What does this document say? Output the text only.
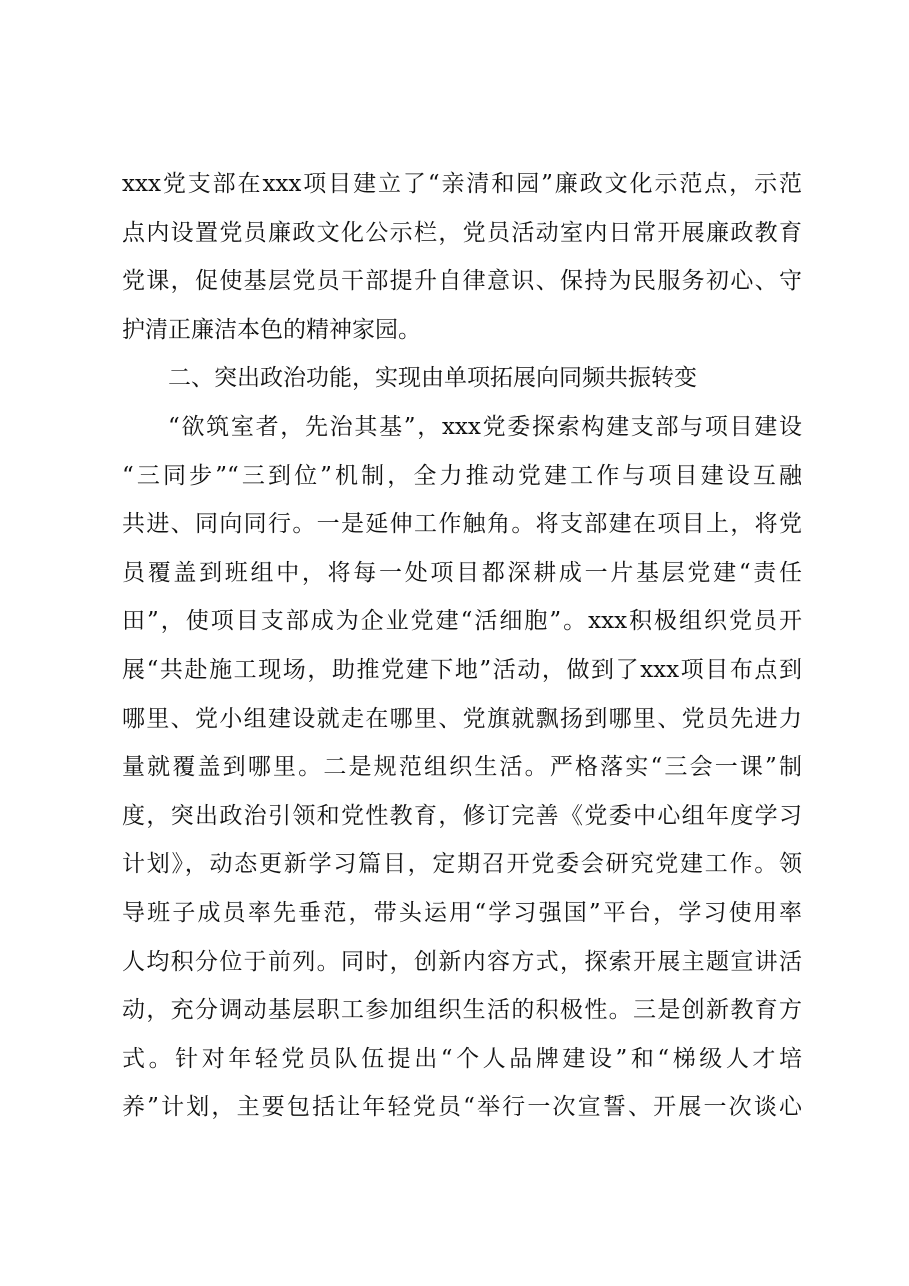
xxx党支部在xxx项目建立了“亲清和园”廉政文化示范点，示范
点内设置党员廉政文化公示栏，党员活动室内日常开展廉政教育
党课，促使基层党员干部提升自律意识、保持为民服务初心、守
护清正廉洁本色的精神家园。
二、突出政治功能，实现由单项拓展向同频共振转变
“欲筑室者，先治其基”，xxx党委探索构建支部与项目建设
“三同步”“三到位”机制，全力推动党建工作与项目建设互融
共进、同向同行。一是延伸工作触角。将支部建在项目上，将党
员覆盖到班组中，将每一处项目都深耕成一片基层党建“责任
田”，使项目支部成为企业党建“活细胞”。xxx积极组织党员开
展“共赴施工现场，助推党建下地”活动，做到了xxx项目布点到
哪里、党小组建设就走在哪里、党旗就飘扬到哪里、党员先进力
量就覆盖到哪里。二是规范组织生活。严格落实“三会一课”制
度，突出政治引领和党性教育，修订完善《党委中心组年度学习
计划》，动态更新学习篇目，定期召开党委会研究党建工作。领
导班子成员率先垂范，带头运用“学习强国”平台，学习使用率
人均积分位于前列。同时，创新内容方式，探索开展主题宣讲活
动，充分调动基层职工参加组织生活的积极性。三是创新教育方
式。针对年轻党员队伍提出“个人品牌建设”和“梯级人才培
养”计划，主要包括让年轻党员“举行一次宣誓、开展一次谈心
